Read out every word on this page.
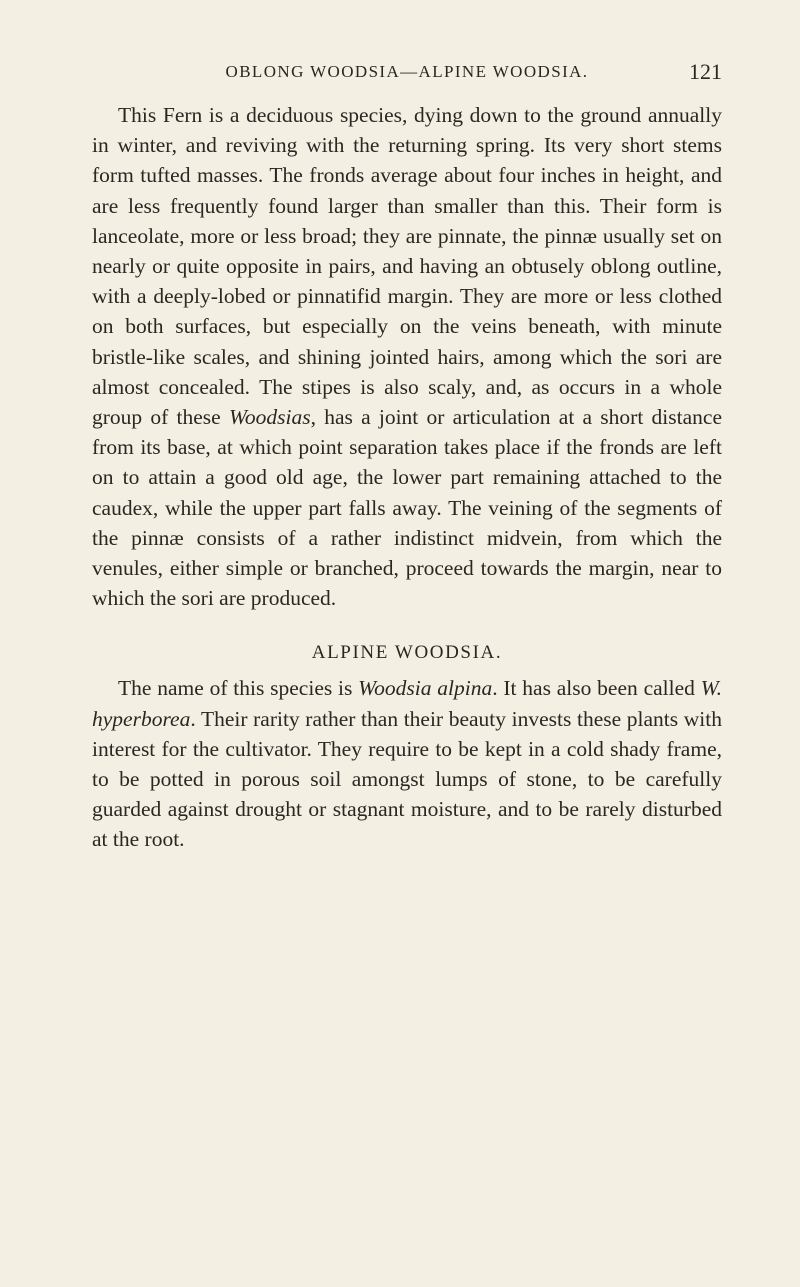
OBLONG WOODSIA—ALPINE WOODSIA.	121

This Fern is a deciduous species, dying down to the ground annually in winter, and reviving with the returning spring. Its very short stems form tufted masses. The fronds average about four inches in height, and are less frequently found larger than smaller than this. Their form is lanceolate, more or less broad; they are pinnate, the pinnæ usually set on nearly or quite opposite in pairs, and having an obtusely oblong outline, with a deeply-lobed or pinnatifid margin. They are more or less clothed on both surfaces, but especially on the veins beneath, with minute bristle-like scales, and shining jointed hairs, among which the sori are almost concealed. The stipes is also scaly, and, as occurs in a whole group of these Woodsias, has a joint or articulation at a short distance from its base, at which point separation takes place if the fronds are left on to attain a good old age, the lower part remaining attached to the caudex, while the upper part falls away. The veining of the segments of the pinnæ consists of a rather indistinct midvein, from which the venules, either simple or branched, proceed towards the margin, near to which the sori are produced.

ALPINE WOODSIA.

The name of this species is Woodsia alpina. It has also been called W. hyperborea. Their rarity rather than their beauty invests these plants with interest for the cultivator. They require to be kept in a cold shady frame, to be potted in porous soil amongst lumps of stone, to be carefully guarded against drought or stagnant moisture, and to be rarely disturbed at the root.
